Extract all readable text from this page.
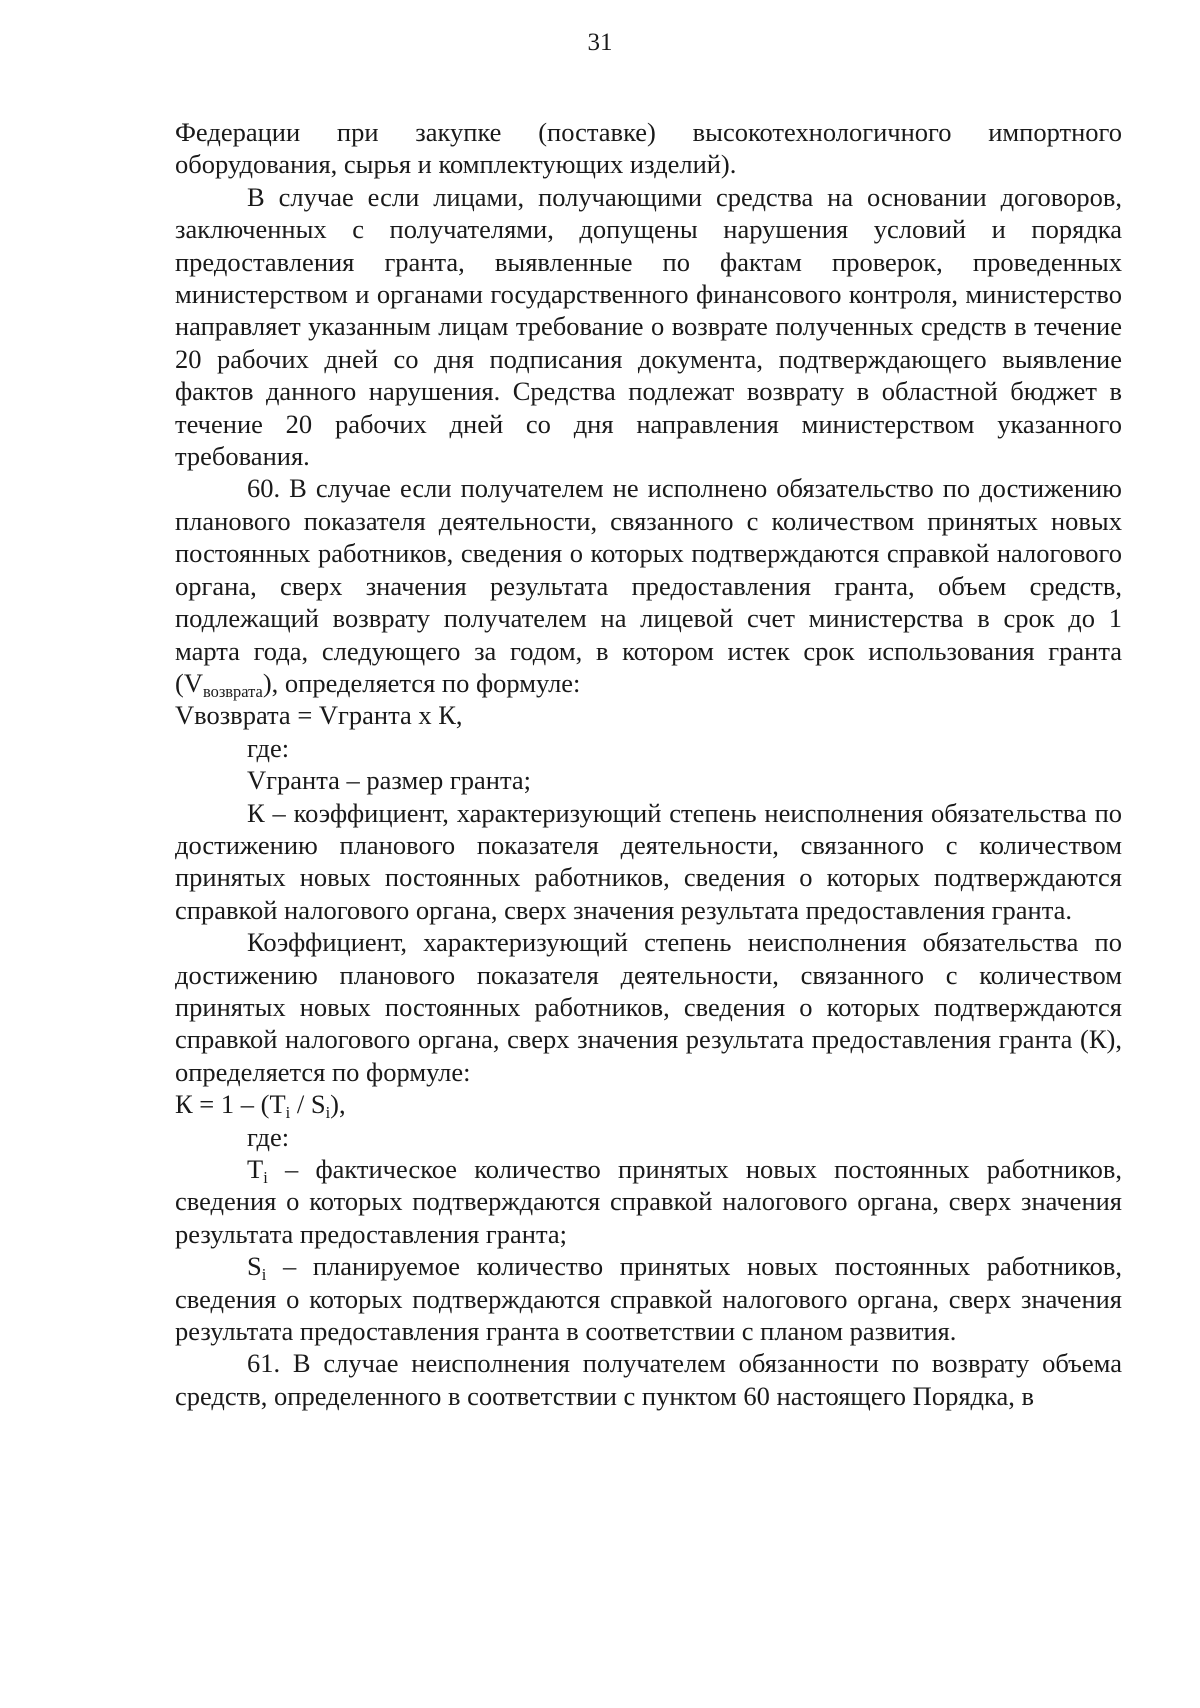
31

Федерации при закупке (поставке) высокотехнологичного импортного оборудования, сырья и комплектующих изделий).

В случае если лицами, получающими средства на основании договоров, заключенных с получателями, допущены нарушения условий и порядка предоставления гранта, выявленные по фактам проверок, проведенных министерством и органами государственного финансового контроля, министерство направляет указанным лицам требование о возврате полученных средств в течение 20 рабочих дней со дня подписания документа, подтверждающего выявление фактов данного нарушения. Средства подлежат возврату в областной бюджет в течение 20 рабочих дней со дня направления министерством указанного требования.

60. В случае если получателем не исполнено обязательство по достижению планового показателя деятельности, связанного с количеством принятых новых постоянных работников, сведения о которых подтверждаются справкой налогового органа, сверх значения результата предоставления гранта, объем средств, подлежащий возврату получателем на лицевой счет министерства в срок до 1 марта года, следующего за годом, в котором истек срок использования гранта $(V_{возврата})$, определяется по формуле:

Vвозврата = Vгранта х К,

где:

Vгранта – размер гранта;

К – коэффициент, характеризующий степень неисполнения обязательства по достижению планового показателя деятельности, связанного с количеством принятых новых постоянных работников, сведения о которых подтверждаются справкой налогового органа, сверх значения результата предоставления гранта.

Коэффициент, характеризующий степень неисполнения обязательства по достижению планового показателя деятельности, связанного с количеством принятых новых постоянных работников, сведения о которых подтверждаются справкой налогового органа, сверх значения результата предоставления гранта (К), определяется по формуле:

$К = 1 - (T_i / S_i)$,

где:

$T_i$ – фактическое количество принятых новых постоянных работников, сведения о которых подтверждаются справкой налогового органа, сверх значения результата предоставления гранта;

$S_i$ – планируемое количество принятых новых постоянных работников, сведения о которых подтверждаются справкой налогового органа, сверх значения результата предоставления гранта в соответствии с планом развития.

61. В случае неисполнения получателем обязанности по возврату объема средств, определенного в соответствии с пунктом 60 настоящего Порядка, в
